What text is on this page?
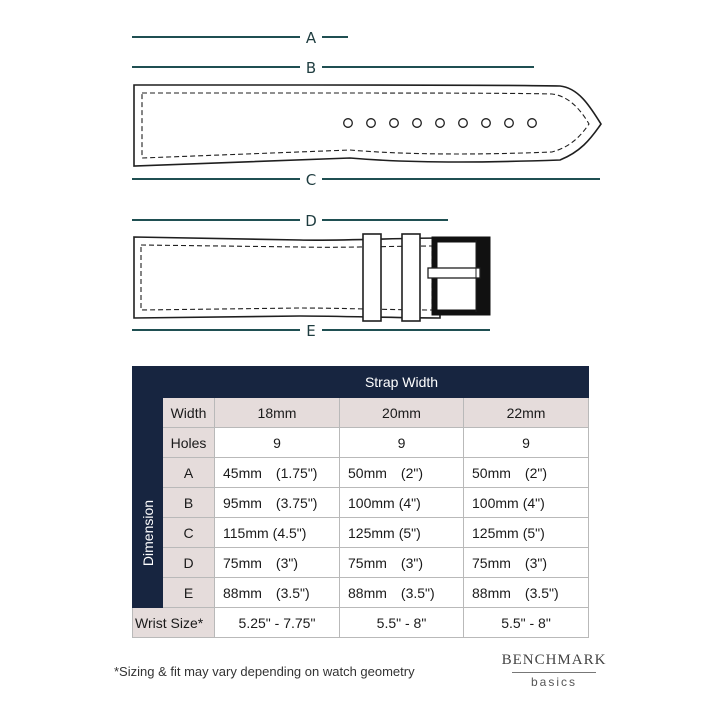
A
B
C
D
E
		Strap Width		
	Width	18mm	20mm	22mm
	Holes	9	9	9

Dimension	A	45mm (1.75")	50mm (2")	50mm (2")
	B	95mm (3.75")	100mm (4")	100mm (4")
	C	115mm (4.5")	125mm (5")	125mm (5")
	D	75mm (3")	75mm (3")	75mm (3")
	E	88mm (3.5")	88mm (3.5")	88mm (3.5")
Wrist Size*		5.25" - 7.75"	5.5" - 8"	5.5" - 8"
*Sizing & fit may vary depending on watch geometry
BENCHMARK
basics
